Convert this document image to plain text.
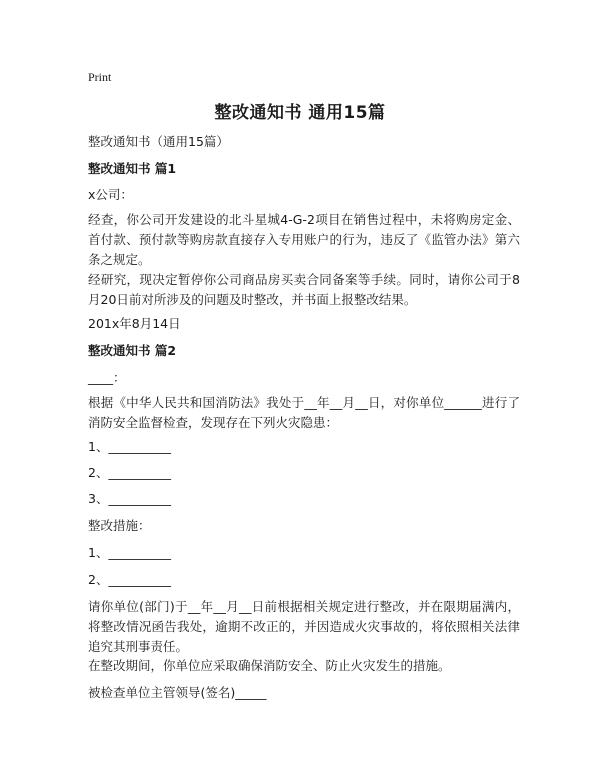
Print
整改通知书 通用15篇
整改通知书（通用15篇）
整改通知书 篇1
x公司：
经查，你公司开发建设的北斗星城4-G-2项目在销售过程中，未将购房定金、首付款、预付款等购房款直接存入专用账户的行为，违反了《监管办法》第六条之规定。
经研究，现决定暂停你公司商品房买卖合同备案等手续。同时，请你公司于8月20日前对所涉及的问题及时整改，并书面上报整改结果。
201x年8月14日
整改通知书 篇2
____：
根据《中华人民共和国消防法》我处于__年__月__日，对你单位______进行了消防安全监督检查，发现存在下列火灾隐患：
1、__________
2、__________
3、__________
整改措施：
1、__________
2、__________
请你单位(部门)于__年__月__日前根据相关规定进行整改，并在限期届满内，将整改情况函告我处，逾期不改正的，并因造成火灾事故的，将依照相关法律追究其刑事责任。
在整改期间，你单位应采取确保消防安全、防止火灾发生的措施。
被检查单位主管领导(签名)_____
